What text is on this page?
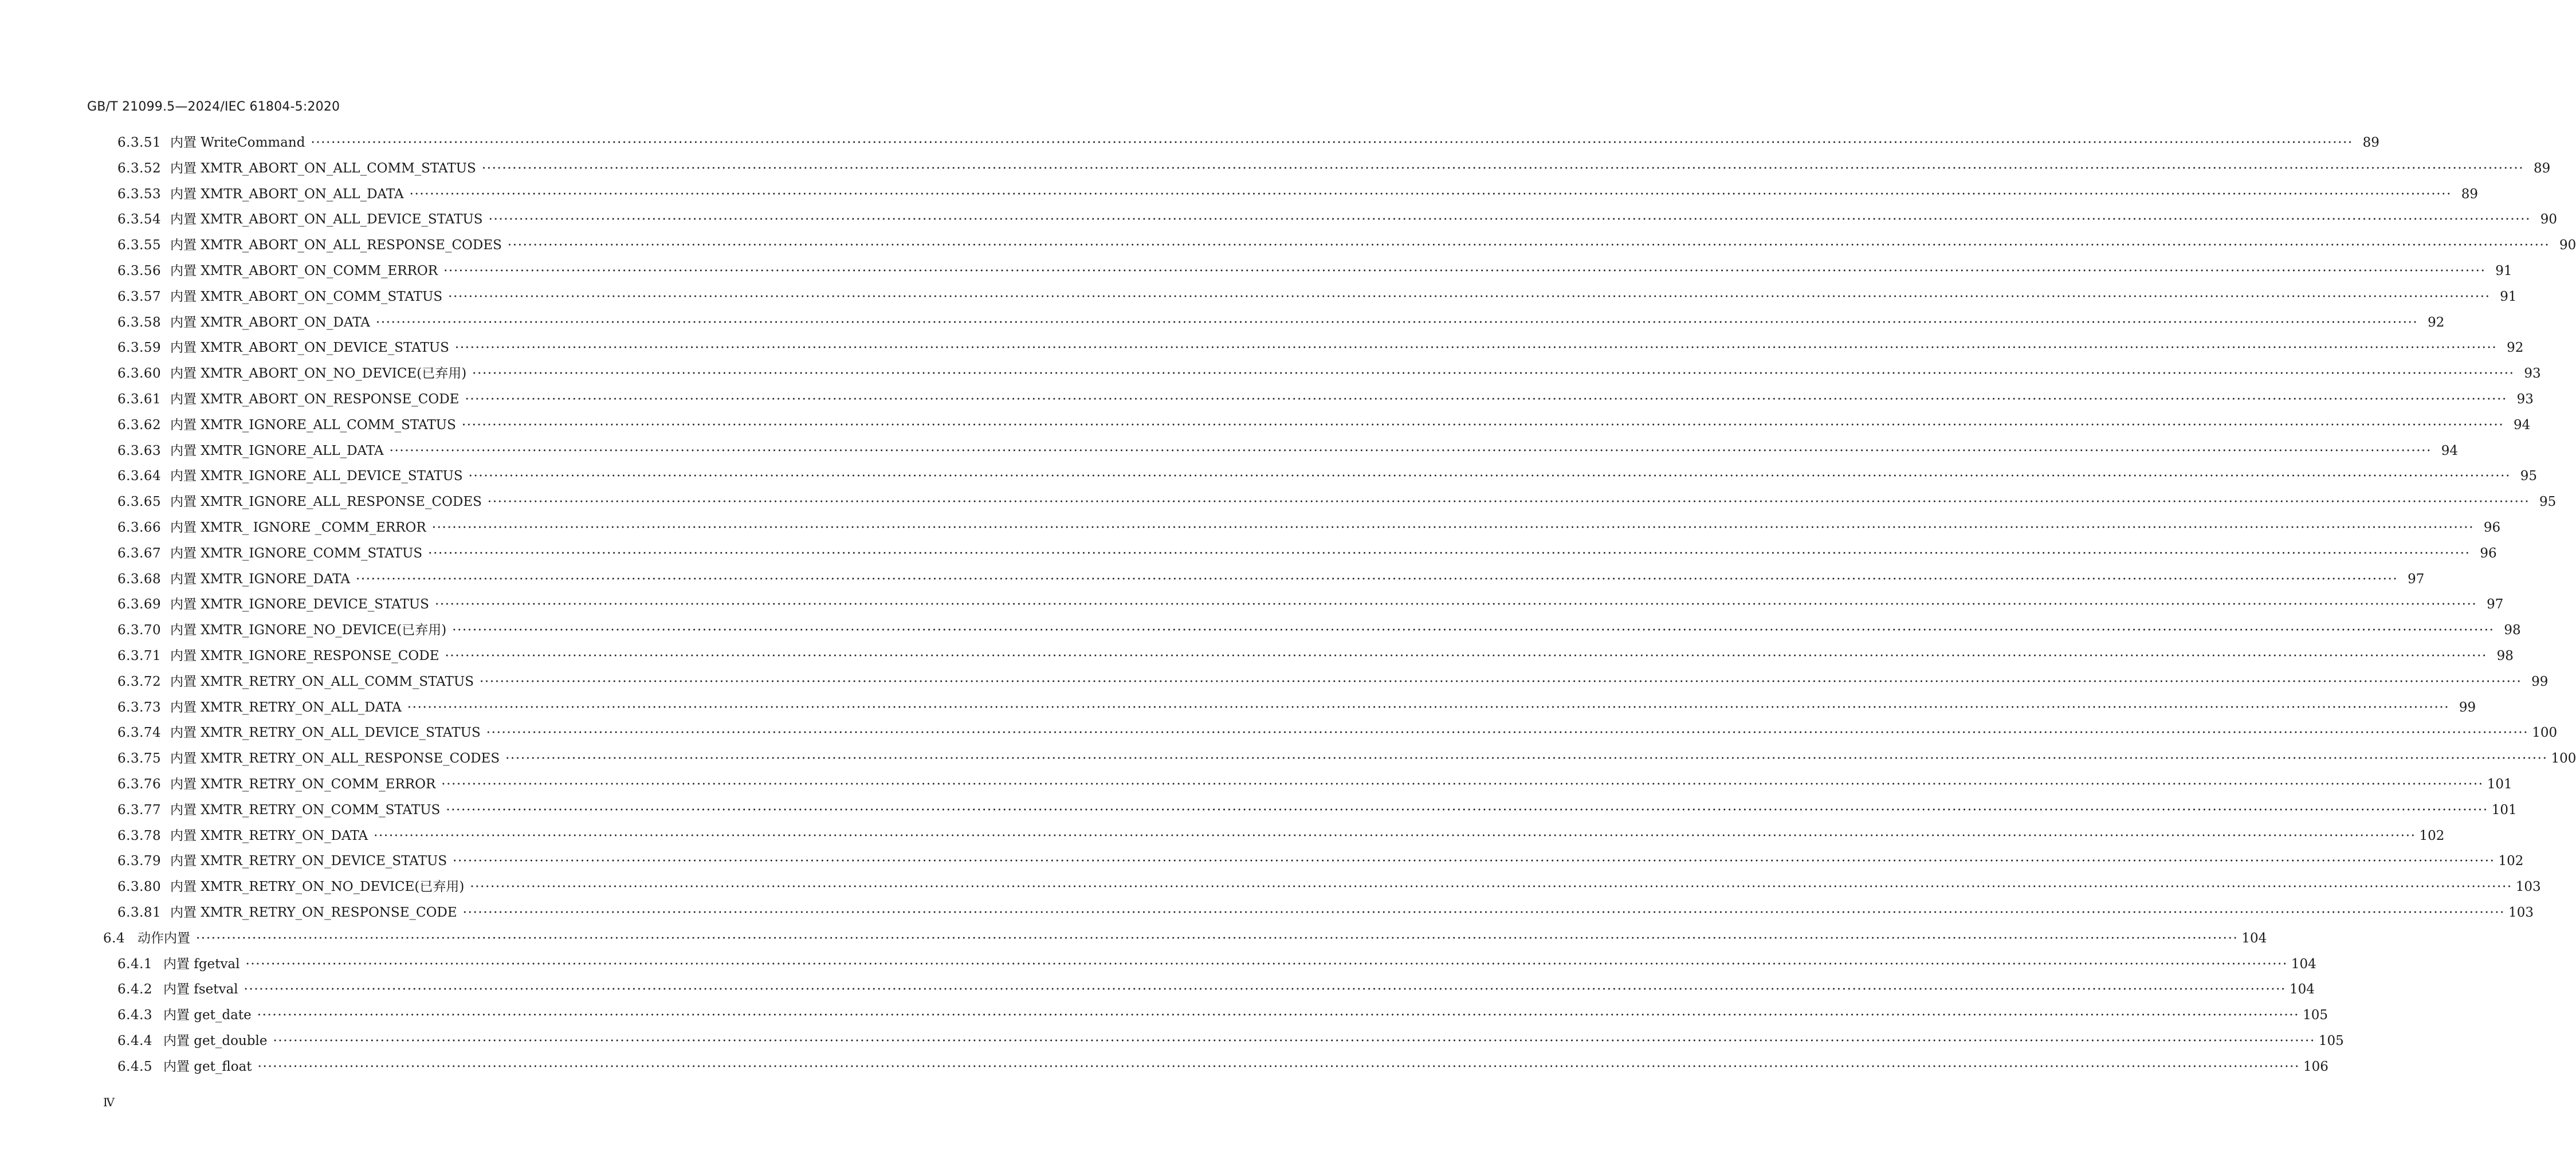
GB/T 21099.5—2024/IEC 61804-5:2020
6.3.51 内置 WriteCommand ················································································································································································································································································································································································································ 89
6.3.52 内置 XMTR_ABORT_ON_ALL_COMM_STATUS ················································································································································································································································································································································································································ 89
6.3.53 内置 XMTR_ABORT_ON_ALL_DATA ················································································································································································································································································································································································································ 89
6.3.54 内置 XMTR_ABORT_ON_ALL_DEVICE_STATUS ················································································································································································································································································································································································································ 90
6.3.55 内置 XMTR_ABORT_ON_ALL_RESPONSE_CODES ················································································································································································································································································································································································································ 90
6.3.56 内置 XMTR_ABORT_ON_COMM_ERROR ················································································································································································································································································································································································································ 91
6.3.57 内置 XMTR_ABORT_ON_COMM_STATUS ················································································································································································································································································································································································································ 91
6.3.58 内置 XMTR_ABORT_ON_DATA ················································································································································································································································································································································································································ 92
6.3.59 内置 XMTR_ABORT_ON_DEVICE_STATUS ················································································································································································································································································································································································································ 92
6.3.60 内置 XMTR_ABORT_ON_NO_DEVICE(已弃用) ················································································································································································································································································································································································································ 93
6.3.61 内置 XMTR_ABORT_ON_RESPONSE_CODE ················································································································································································································································································································································································································ 93
6.3.62 内置 XMTR_IGNORE_ALL_COMM_STATUS ················································································································································································································································································································································································································ 94
6.3.63 内置 XMTR_IGNORE_ALL_DATA ················································································································································································································································································································································································································ 94
6.3.64 内置 XMTR_IGNORE_ALL_DEVICE_STATUS ················································································································································································································································································································································································································ 95
6.3.65 内置 XMTR_IGNORE_ALL_RESPONSE_CODES ················································································································································································································································································································································································································ 95
6.3.66 内置 XMTR_ IGNORE _COMM_ERROR ················································································································································································································································································································································································································ 96
6.3.67 内置 XMTR_IGNORE_COMM_STATUS ················································································································································································································································································································································································································ 96
6.3.68 内置 XMTR_IGNORE_DATA ················································································································································································································································································································································································································ 97
6.3.69 内置 XMTR_IGNORE_DEVICE_STATUS ················································································································································································································································································································································································································ 97
6.3.70 内置 XMTR_IGNORE_NO_DEVICE(已弃用) ················································································································································································································································································································································································································ 98
6.3.71 内置 XMTR_IGNORE_RESPONSE_CODE ················································································································································································································································································································································································································ 98
6.3.72 内置 XMTR_RETRY_ON_ALL_COMM_STATUS ················································································································································································································································································································································································································ 99
6.3.73 内置 XMTR_RETRY_ON_ALL_DATA ················································································································································································································································································································································································································ 99
6.3.74 内置 XMTR_RETRY_ON_ALL_DEVICE_STATUS ················································································································································································································································································································································································································ 100
6.3.75 内置 XMTR_RETRY_ON_ALL_RESPONSE_CODES ················································································································································································································································································································································································································ 100
6.3.76 内置 XMTR_RETRY_ON_COMM_ERROR ················································································································································································································································································································································································································ 101
6.3.77 内置 XMTR_RETRY_ON_COMM_STATUS ················································································································································································································································································································································································································ 101
6.3.78 内置 XMTR_RETRY_ON_DATA ················································································································································································································································································································································································································ 102
6.3.79 内置 XMTR_RETRY_ON_DEVICE_STATUS ················································································································································································································································································································································································································ 102
6.3.80 内置 XMTR_RETRY_ON_NO_DEVICE(已弃用) ················································································································································································································································································································································································································ 103
6.3.81 内置 XMTR_RETRY_ON_RESPONSE_CODE ················································································································································································································································································································································································································ 103
6.4 动作内置 ················································································································································································································································································································································································································ 104
6.4.1 内置 fgetval ················································································································································································································································································································································································································ 104
6.4.2 内置 fsetval ················································································································································································································································································································································································································ 104
6.4.3 内置 get_date ················································································································································································································································································································································································································ 105
6.4.4 内置 get_double ················································································································································································································································································································································································································ 105
6.4.5 内置 get_float ················································································································································································································································································································································································································ 106
Ⅳ
